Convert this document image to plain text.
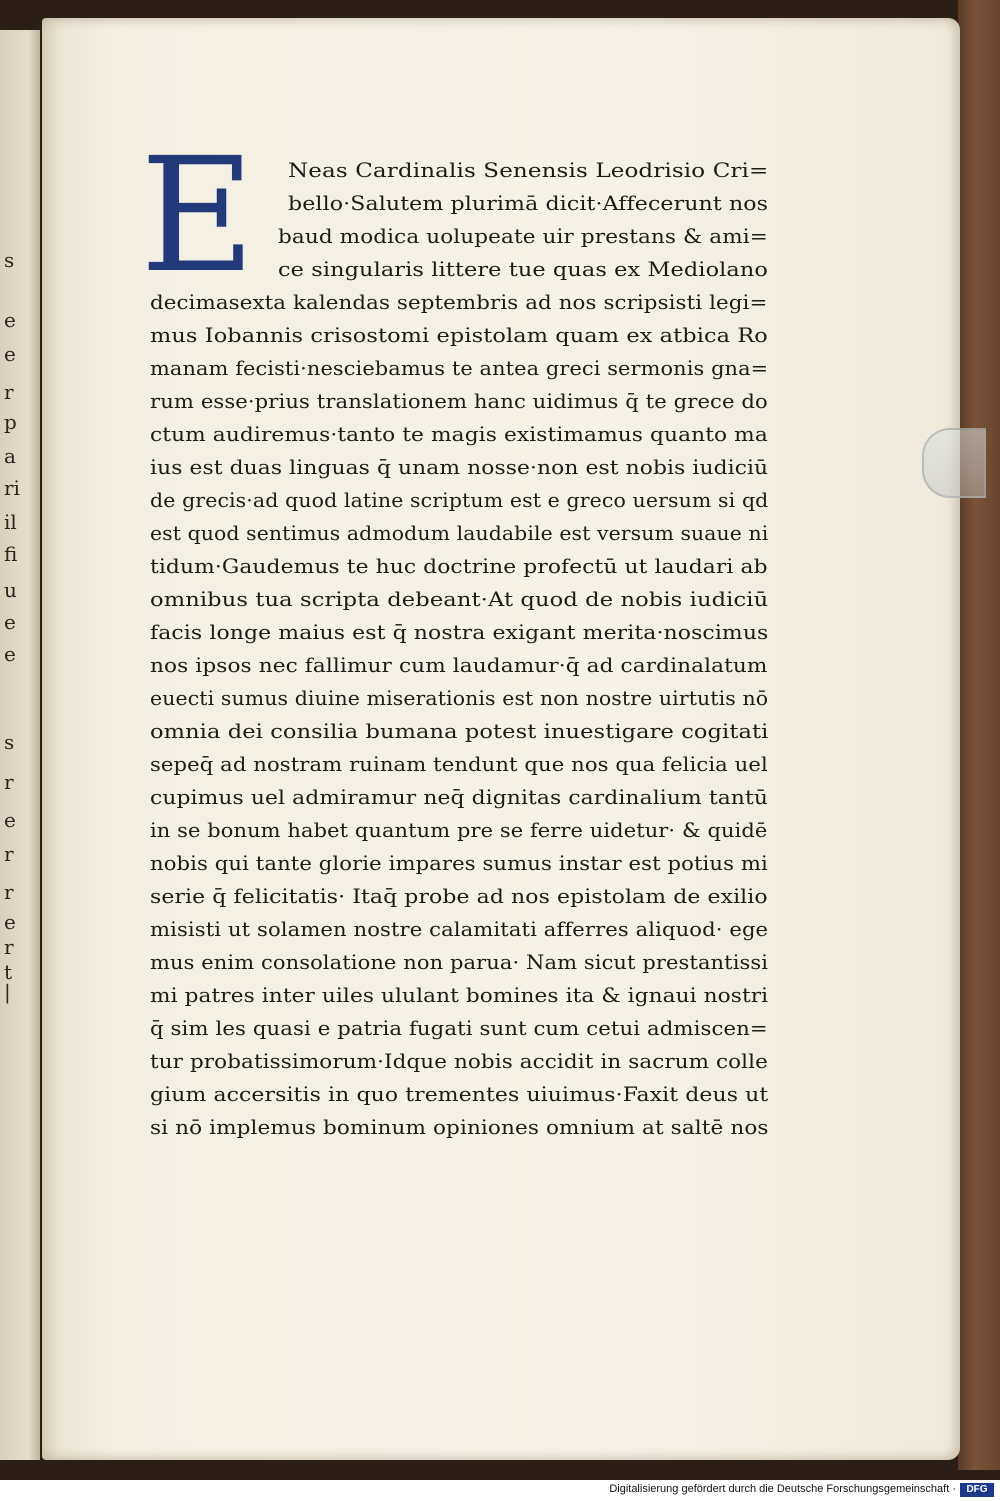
s
e
e
r
p
a
ri
il
fi
u
e
e
s
r
e
r
r
e
r
t
|
E Neas Cardinalis Senensis Leodrisio Cri=
bello·Salutem plurimā dicit·Affecerunt nos
baud modica uolupeate uir prestans & ami=
ce singularis littere tue quas ex Mediolano
decimasexta kalendas septembris ad nos scripsisti legi=
mus Iobannis crisostomi epistolam quam ex atbica Ro
manam fecisti·nesciebamus te antea greci sermonis gna=
rum esse·prius translationem hanc uidimus q̄ te grece do
ctum audiremus·tanto te magis existimamus quanto ma
ius est duas linguas q̄ unam nosse·non est nobis iudiciū
de grecis·ad quod latine scriptum est e greco uersum si qd
est quod sentimus admodum laudabile est versum suaue ni
tidum·Gaudemus te huc doctrine profectū ut laudari ab
omnibus tua scripta debeant·At quod de nobis iudiciū
facis longe maius est q̄ nostra exigant merita·noscimus
nos ipsos nec fallimur cum laudamur·q̄ ad cardinalatum
euecti sumus diuine miserationis est non nostre uirtutis nō
omnia dei consilia bumana potest inuestigare cogitati
sepeq̄ ad nostram ruinam tendunt que nos qua felicia uel
cupimus uel admiramur neq̄ dignitas cardinalium tantū
in se bonum habet quantum pre se ferre uidetur· & quidē
nobis qui tante glorie impares sumus instar est potius mi
serie q̄ felicitatis· Itaq̄ probe ad nos epistolam de exilio
misisti ut solamen nostre calamitati afferres aliquod· ege
mus enim consolatione non parua· Nam sicut prestantissi
mi patres inter uiles ululant bomines ita & ignaui nostri
q̄ sim les quasi e patria fugati sunt cum cetui admiscen=
tur probatissimorum·Idque nobis accidit in sacrum colle
gium accersitis in quo trementes uiuimus·Faxit deus ut
si nō implemus bominum opiniones omnium at saltē nos
Digitalisierung gefördert durch die Deutsche Forschungsgemeinschaft ·	DFG
